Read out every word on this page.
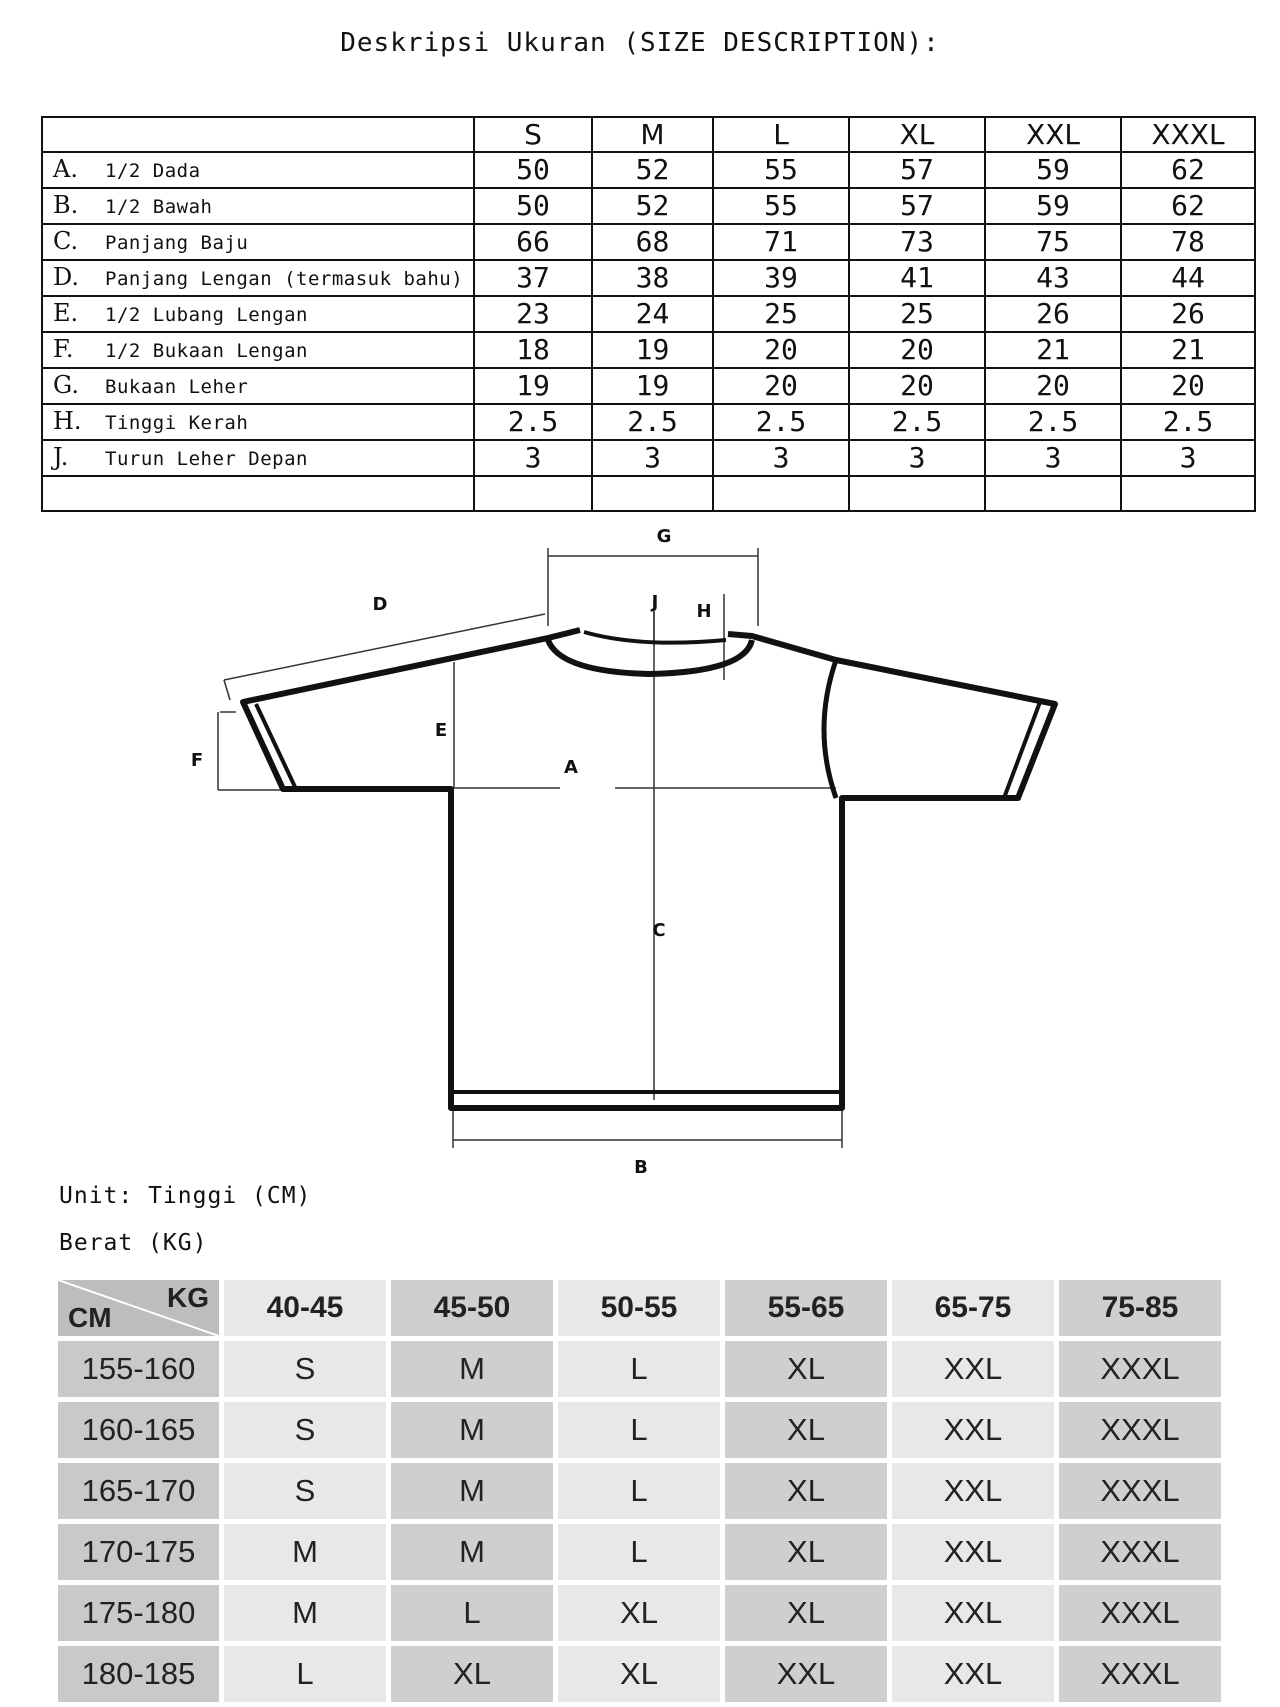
Deskripsi Ukuran (SIZE DESCRIPTION):
	S	M	L	XL	XXL	XXXL
A. 1/2 Dada	50	52	55	57	59	62
B. 1/2 Bawah	50	52	55	57	59	62
C. Panjang Baju	66	68	71	73	75	78
D. Panjang Lengan (termasuk bahu)	37	38	39	41	43	44
E. 1/2 Lubang Lengan	23	24	25	25	26	26
F. 1/2 Bukaan Lengan	18	19	20	20	21	21
G. Bukaan Leher	19	19	20	20	20	20
H. Tinggi Kerah	2.5	2.5	2.5	2.5	2.5	2.5
J. Turun Leher Depan	3	3	3	3	3	3

G
D	J H
E
F	A
C
B
Unit: Tinggi (CM)
Berat (KG)
KG
CM	40-45	45-50	50-55	55-65	65-75	75-85
155-160	S	M	L	XL	XXL	XXXL
160-165	S	M	L	XL	XXL	XXXL
165-170	S	M	L	XL	XXL	XXXL
170-175	M	M	L	XL	XXL	XXXL
175-180	M	L	XL	XL	XXL	XXXL
180-185	L	XL	XL	XXL	XXL	XXXL
